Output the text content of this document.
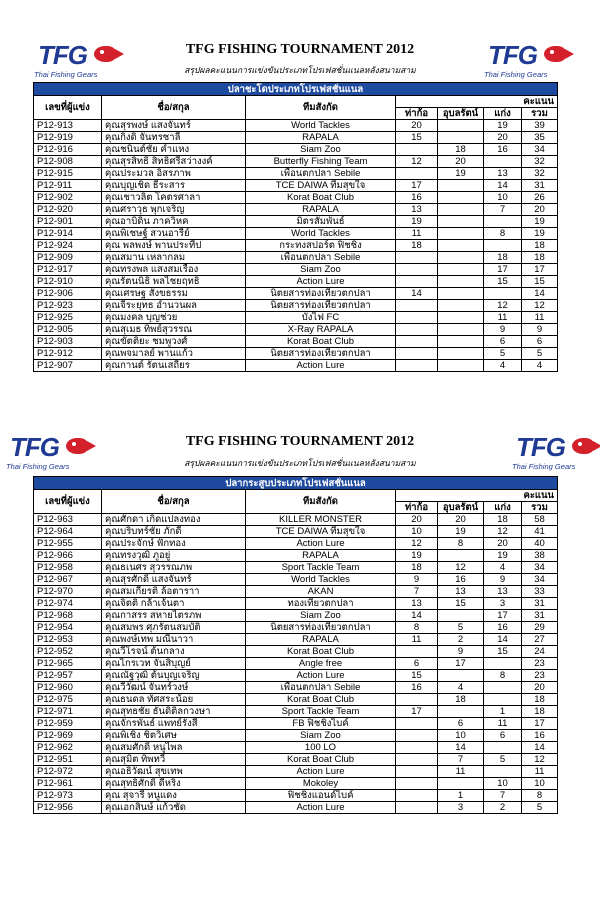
TFG
Thai Fishing Gears
TFG
Thai Fishing Gears
TFG FISHING TOURNAMENT 2012
สรุปผลคะแนนการแข่งขันประเภทโปรเฟสชั่นแนลหลังสนามสาม
ปลาชะโดประเภทโปรเฟสชั่นแนล						
เลขที่ผู้แข่ง	ชื่อ/สกุล	ทีมสังกัด	คะแนน			
			ท่าก้อ	อุบลรัตน์	แก่ง	รวม
P12-913	คุณสุรพงษ์ แสงจันทร์	World Tackles	20		19	39
P12-919	คุณกิ่งดิ จันทรชาลี	RAPALA	15		20	35
P12-916	คุณชนินต์ชัย คำแหง	Siam Zoo		18	16	34
P12-908	คุณสุรสิทธิ์ สิทธิศรีสว่างงค์	Butterfly Fishing Team	12	20		32
P12-915	คุณประมวล อิสรภาพ	เพื่อนตกปลา Sebile		19	13	32
P12-911	คุณบุญเชิด ธีระสาร	TCE DAIWA ทีมสุขใจ	17		14	31
P12-902	คุณเชาวลิต โคตรศาลา	Korat Boat Club	16		10	26
P12-920	คุณศราวุธ พุกเจริญ	RAPALA	13		7	20
P12-901	คุณอาบิดิน ภาควิหค	มิตรสัมพันธ์	19			19
P12-914	คุณพิเชษฐ์ สวนอารีย์	World Tackles	11		8	19
P12-924	คุณ พลพงษ์ พานประทีป	กระทงสปอร์ต ฟิชชิ่ง	18			18
P12-909	คุณสมาน เหลากลม	เพื่อนตกปลา Sebile			18	18
P12-917	คุณทรงพล แสงสมเรือง	Siam Zoo			17	17
P12-910	คุณรัตนนิธิ พลไชยฤทธิ	Action Lure			15	15
P12-906	คุณเศรษฐ สังขธรรม	นิตยสารท่องเที่ยวตกปลา	14			14
P12-923	คุณจีระยุทธ อำนวนผล	นิตยสารท่องเที่ยวตกปลา			12	12
P12-925	คุณมงคล บุญช่วย	บังไฟ FC			11	11
P12-905	คุณสุเมธ ทิพย์สุวรรณ	X-Ray RAPALA			9	9
P12-903	คุณขัตติยะ ชมพูวงศ์	Korat Boat Club			6	6
P12-912	คุณพจมาลย์ พานแก้ว	นิตยสารท่องเที่ยวตกปลา			5	5
P12-907	คุณกานต์ รัตนเสถียร	Action Lure			4	4
TFG
Thai Fishing Gears
TFG
Thai Fishing Gears
TFG FISHING TOURNAMENT 2012
สรุปผลคะแนนการแข่งขันประเภทโปรเฟสชั่นแนลหลังสนามสาม
ปลากระสูบประเภทโปรเฟสชั่นแนล						
เลขที่ผู้แข่ง	ชื่อ/สกุล	ทีมสังกัด	คะแนน			
			ท่าก้อ	อุบลรัตน์	แก่ง	รวม
P12-963	คุณศักดา เกิดแปลงทอง	KILLER MONSTER	20	20	18	58
P12-964	คุณบริบทร์ชัย ภักดี	TCE DAIWA ทีมสุขใจ	10	19	12	41
P12-955	คุณประจักษ์ ฟักทอง	Action Lure	12	8	20	40
P12-966	คุณทรงวุฒิ ภูอยู่	RAPALA	19		19	38
P12-958	คุณธเนศร สุวรรณภพ	Sport Tackle Team	18	12	4	34
P12-967	คุณสุรศักดิ์ แสงจันทร์	World Tackles	9	16	9	34
P12-970	คุณสมเกียรติ ล้อตาราา	AKAN	7	13	13	33
P12-974	คุณจิตติ กล้าเจ้นตา	ทองเที่ยวตกปลา	13	15	3	31
P12-968	คุณกาสรร สหายไตรภพ	Siam Zoo	14		17	31
P12-954	คุณสมพร ศุภรัตนสมบัติ	นิตยสารท่องเที่ยวตกปลา	8	5	16	29
P12-953	คุณพงษ์เทพ มณีนาวา	RAPALA	11	2	14	27
P12-952	คุณวีโรจน์ ต้นกลาง	Korat Boat Club		9	15	24
P12-965	คุณไกรเวท จันสิบุญย์	Angle free	6	17		23
P12-957	คุณณัฐวุฒิ ต้นบุญเจริญ	Action Lure	15		8	23
P12-960	คุณวีวัฒน์ จันทร์วงษ์	เพื่อนตกปลา Sebile	16	4		20
P12-975	คุณธนดล ทัศสระน้อย	Korat Boat Club		18		18
P12-971	คุณสุทธชัย ธันดิติลกวงษา	Sport Tackle Team	17		1	18
P12-959	คุณจักรพันธ์ แพทย์รังสี	FB ฟิชชิ่งไบค์		6	11	17
P12-969	คุณพิเชิง ชิตวิเศษ	Siam Zoo		10	6	16
P12-962	คุณสมศักดิ์ หนูไพล	100 LO		14		14
P12-951	คุณสุมิต ทิพทวี	Korat Boat Club		7	5	12
P12-972	คุณอธิวัฒน์ สุขเทพ	Action Lure		11		11
P12-961	คุณสุทธิศักดิ์ ดีหริง	Mokoley			10	10
P12-973	คุณ สุจารี หนูแดง	ฟิชชิ่งแอนด์ไบค์		1	7	8
P12-956	คุณเอกสินษ์ แก้วชัด	Action Lure		3	2	5
